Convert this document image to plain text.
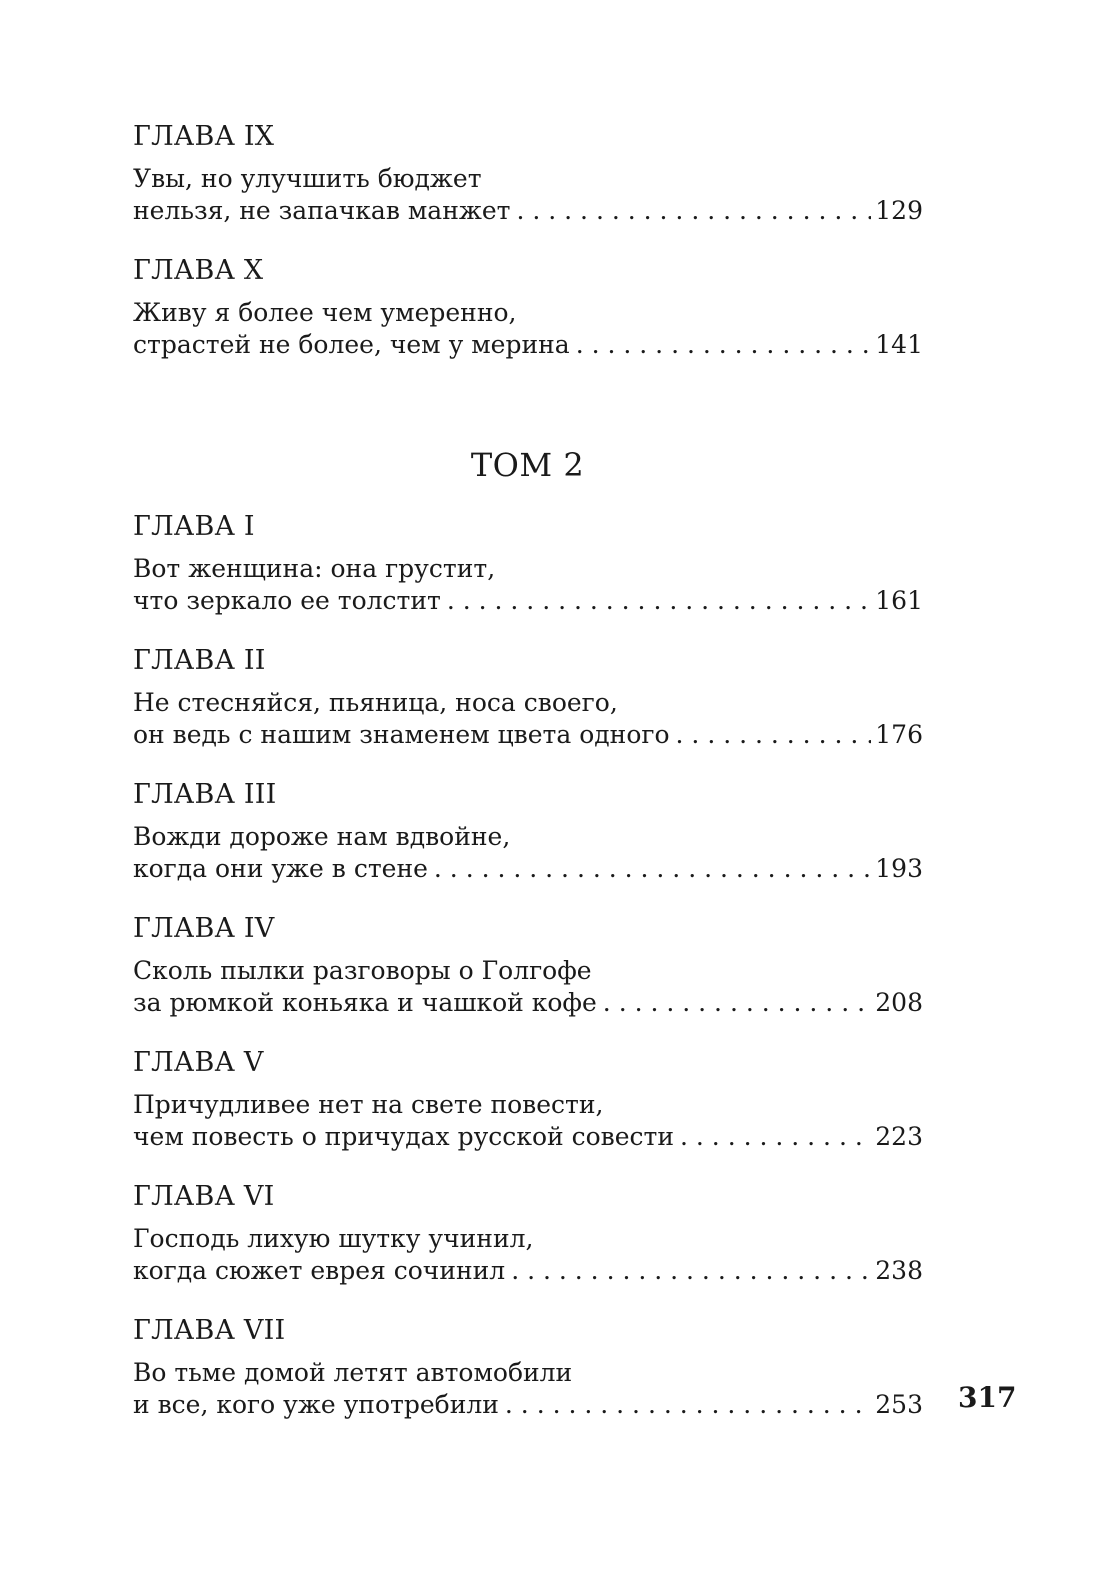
ГЛАВА IX
Увы, но улучшить бюджет
нельзя, не запачкав манжет . . .	129
ГЛАВА X
Живу я более чем умеренно,
страстей не более, чем у мерина . . .	141
ТОМ 2
ГЛАВА I
Вот женщина: она грустит,
что зеркало ее толстит . . .	161
ГЛАВА II
Не стесняйся, пьяница, носа своего,
он ведь с нашим знаменем цвета одного . . .	176
ГЛАВА III
Вожди дороже нам вдвойне,
когда они уже в стене . . .	193
ГЛАВА IV
Сколь пылки разговоры о Голгофе
за рюмкой коньяка и чашкой кофе . . .	208
ГЛАВА V
Причудливее нет на свете повести,
чем повесть о причудах русской совести . . .	223
ГЛАВА VI
Господь лихую шутку учинил,
когда сюжет еврея сочинил . . .	238
ГЛАВА VII
Во тьме домой летят автомобили
и все, кого уже употребили . . .	253 317
